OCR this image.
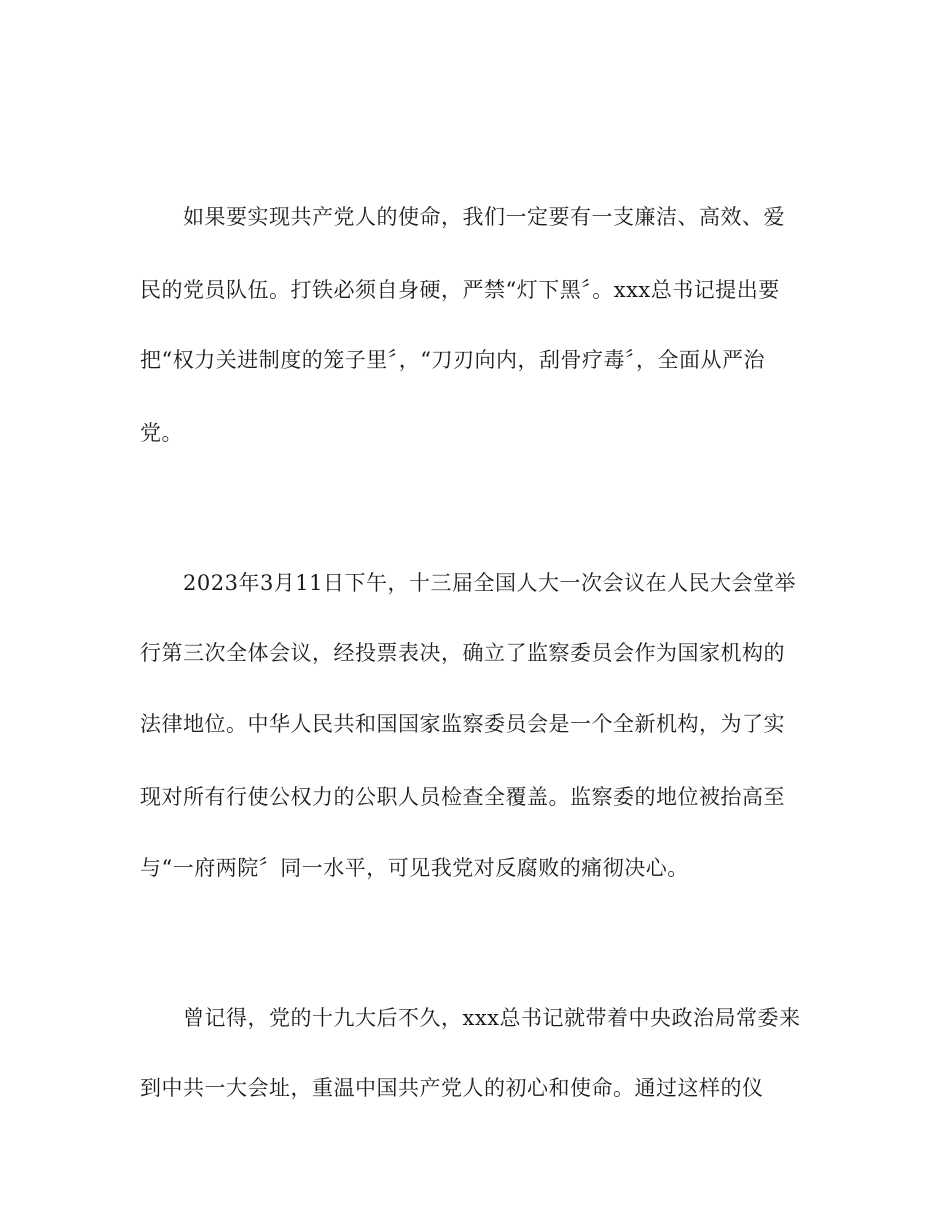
如果要实现共产党人的使命，我们一定要有一支廉洁、高效、爱

民的党员队伍。打铁必须自身硬，严禁“灯下黑〞。xxx总书记提出要

把“权力关进制度的笼子里〞，“刀刃向内，刮骨疗毒〞，全面从严治

党。

2023年3月11日下午，十三届全国人大一次会议在人民大会堂举

行第三次全体会议，经投票表决，确立了监察委员会作为国家机构的

法律地位。中华人民共和国国家监察委员会是一个全新机构，为了实

现对所有行使公权力的公职人员检查全覆盖。监察委的地位被抬高至

与“一府两院〞同一水平，可见我党对反腐败的痛彻决心。

曾记得，党的十九大后不久，xxx总书记就带着中央政治局常委来

到中共一大会址，重温中国共产党人的初心和使命。通过这样的仪
